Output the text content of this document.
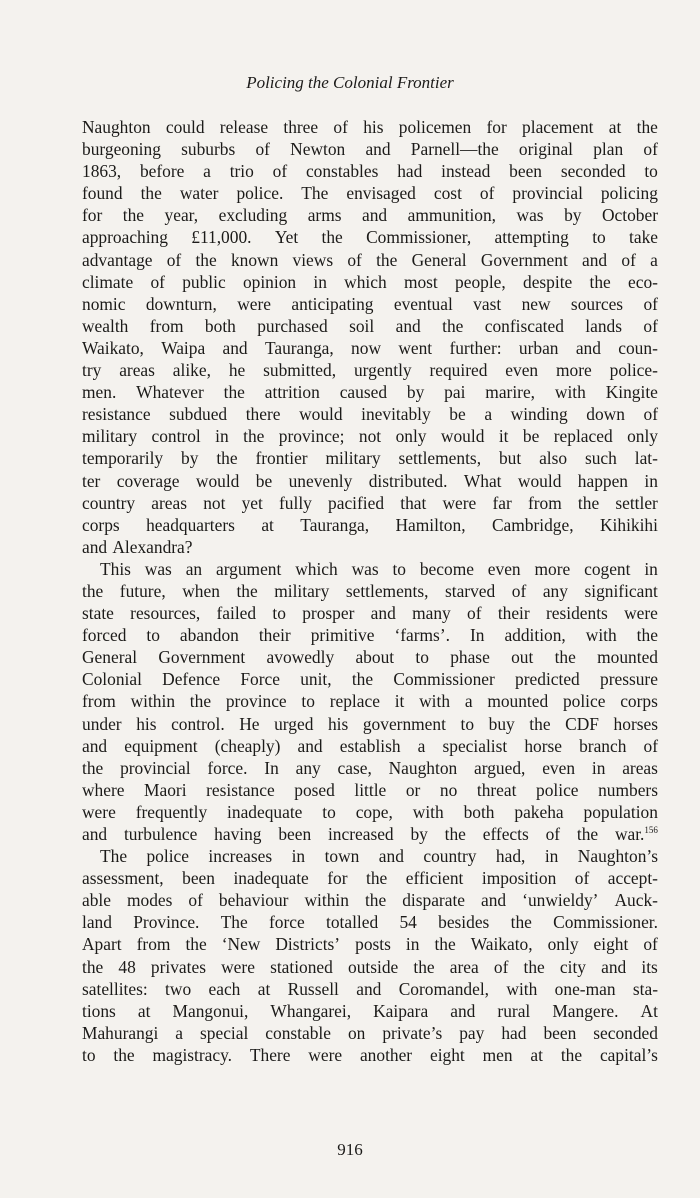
Policing the Colonial Frontier
Naughton could release three of his policemen for placement at the
burgeoning suburbs of Newton and Parnell—the original plan of
1863, before a trio of constables had instead been seconded to
found the water police. The envisaged cost of provincial policing
for the year, excluding arms and ammunition, was by October
approaching £11,000. Yet the Commissioner, attempting to take
advantage of the known views of the General Government and of a
climate of public opinion in which most people, despite the eco-
nomic downturn, were anticipating eventual vast new sources of
wealth from both purchased soil and the confiscated lands of
Waikato, Waipa and Tauranga, now went further: urban and coun-
try areas alike, he submitted, urgently required even more police-
men. Whatever the attrition caused by pai marire, with Kingite
resistance subdued there would inevitably be a winding down of
military control in the province; not only would it be replaced only
temporarily by the frontier military settlements, but also such lat-
ter coverage would be unevenly distributed. What would happen in
country areas not yet fully pacified that were far from the settler
corps headquarters at Tauranga, Hamilton, Cambridge, Kihikihi
and Alexandra?
This was an argument which was to become even more cogent in
the future, when the military settlements, starved of any significant
state resources, failed to prosper and many of their residents were
forced to abandon their primitive ‘farms’. In addition, with the
General Government avowedly about to phase out the mounted
Colonial Defence Force unit, the Commissioner predicted pressure
from within the province to replace it with a mounted police corps
under his control. He urged his government to buy the CDF horses
and equipment (cheaply) and establish a specialist horse branch of
the provincial force. In any case, Naughton argued, even in areas
where Maori resistance posed little or no threat police numbers
were frequently inadequate to cope, with both pakeha population
and turbulence having been increased by the effects of the war.$^{156}$
The police increases in town and country had, in Naughton’s
assessment, been inadequate for the efficient imposition of accept-
able modes of behaviour within the disparate and ‘unwieldy’ Auck-
land Province. The force totalled 54 besides the Commissioner.
Apart from the ‘New Districts’ posts in the Waikato, only eight of
the 48 privates were stationed outside the area of the city and its
satellites: two each at Russell and Coromandel, with one-man sta-
tions at Mangonui, Whangarei, Kaipara and rural Mangere. At
Mahurangi a special constable on private’s pay had been seconded
to the magistracy. There were another eight men at the capital’s
916
